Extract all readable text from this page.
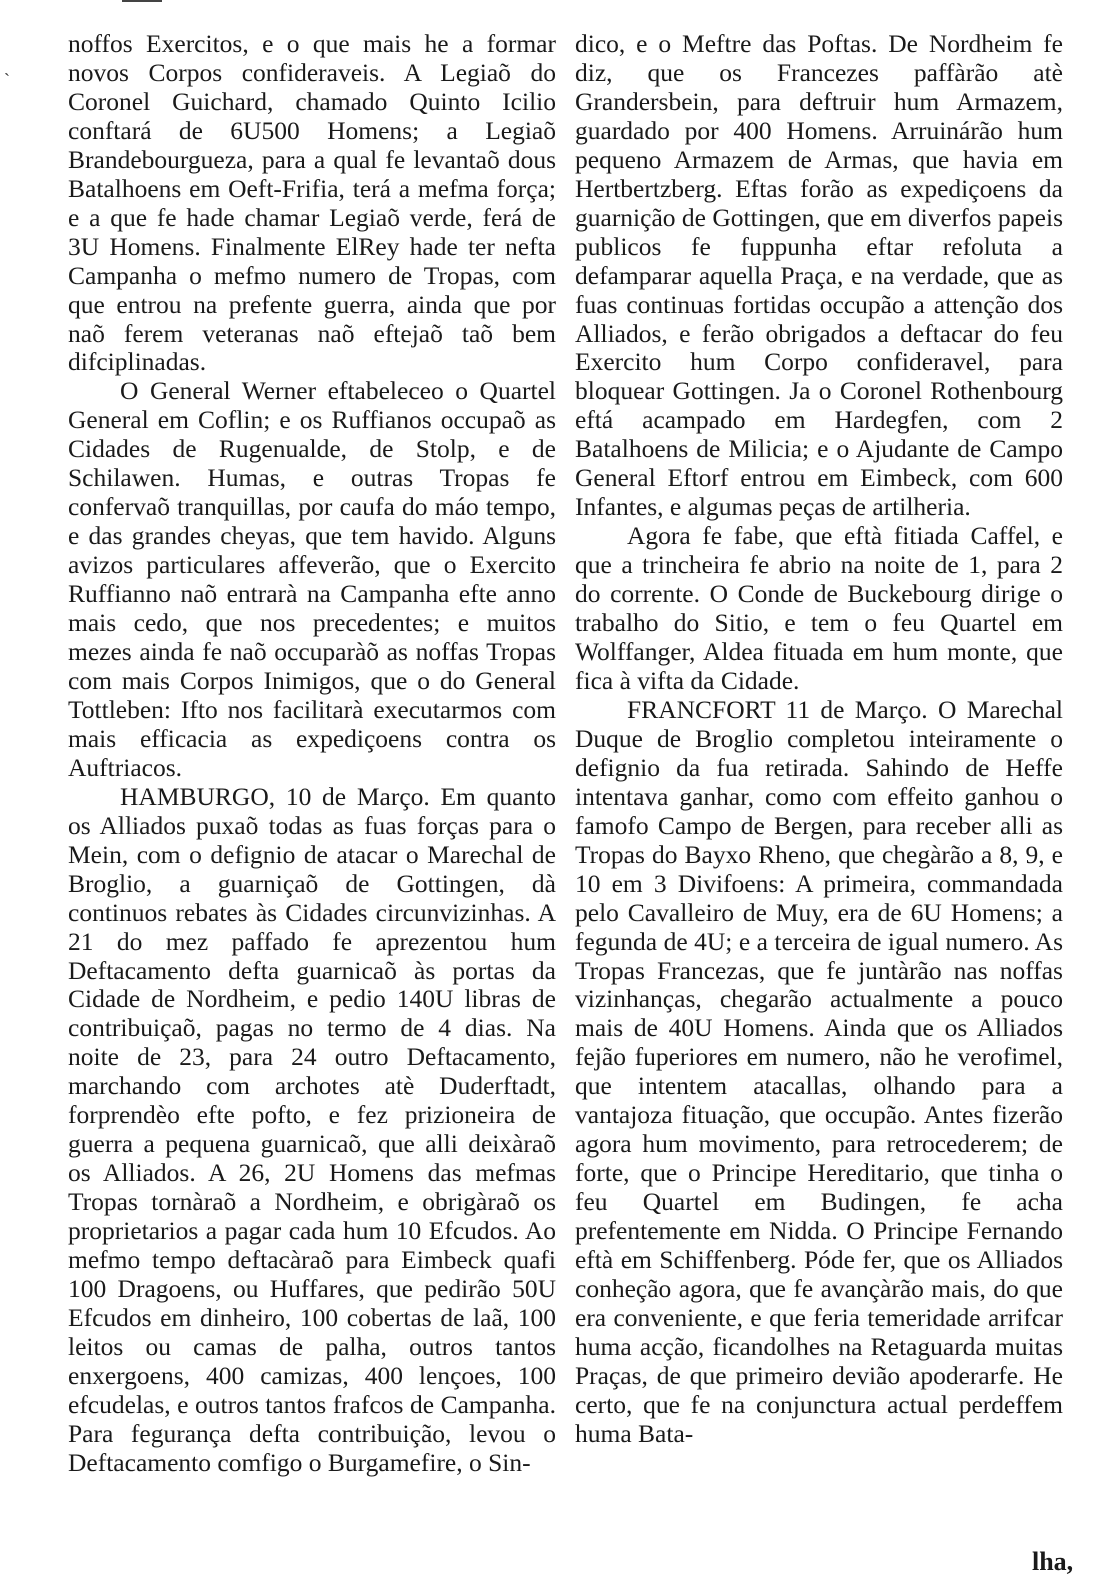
`

noffos Exercitos, e o que mais he a formar novos Corpos confideraveis. A Legiaõ do Coronel Guichard, chamado Quinto Icilio conftará de 6U500 Homens; a Legiaõ Brandebourgueza, para a qual fe levantaõ dous Batalhoens em Oeft-Frifia, terá a mefma força; e a que fe hade chamar Legiaõ verde, ferá de 3U Homens. Finalmente ElRey hade ter nefta Campanha o mefmo numero de Tropas, com que entrou na prefente guerra, ainda que por naõ ferem veteranas naõ eftejaõ taõ bem difciplinadas.

O General Werner eftabeleceo o Quartel General em Coflin; e os Ruffianos occupaõ as Cidades de Rugenualde, de Stolp, e de Schilawen. Humas, e outras Tropas fe confervaõ tranquillas, por caufa do máo tempo, e das grandes cheyas, que tem havido. Alguns avizos particulares affeverão, que o Exercito Ruffianno naõ entrarà na Campanha efte anno mais cedo, que nos precedentes; e muitos mezes ainda fe naõ occuparàõ as noffas Tropas com mais Corpos Inimigos, que o do General Tottleben: Ifto nos facilitarà executarmos com mais efficacia as expediçoens contra os Auftriacos.

HAMBURGO, 10 de Março. Em quanto os Alliados puxaõ todas as fuas forças para o Mein, com o defignio de atacar o Marechal de Broglio, a guarniçaõ de Gottingen, dà continuos rebates às Cidades circunvizinhas. A 21 do mez paffado fe aprezentou hum Deftacamento defta guarnicaõ às portas da Cidade de Nordheim, e pedio 140U libras de contribuiçaõ, pagas no termo de 4 dias. Na noite de 23, para 24 outro Deftacamento, marchando com archotes atè Duderftadt, forprendèo efte pofto, e fez prizioneira de guerra a pequena guarnicaõ, que alli deixàraõ os Alliados. A 26, 2U Homens das mefmas Tropas tornàraõ a Nordheim, e obrigàraõ os proprietarios a pagar cada hum 10 Efcudos. Ao mefmo tempo deftacàraõ para Eimbeck quafi 100 Dragoens, ou Huffares, que pedirão 50U Efcudos em dinheiro, 100 cobertas de laã, 100 leitos ou camas de palha, outros tantos enxergoens, 400 camizas, 400 lençoes, 100 efcudelas, e outros tantos frafcos de Campanha. Para fegurança defta contribuição, levou o Deftacamento comfigo o Burgamefire, o Sin-

dico, e o Meftre das Poftas. De Nordheim fe diz, que os Francezes paffàrão atè Grandersbein, para deftruir hum Armazem, guardado por 400 Homens. Arruinárão hum pequeno Armazem de Armas, que havia em Hertbertzberg. Eftas forão as expediçoens da guarnição de Gottingen, que em diverfos papeis publicos fe fuppunha eftar refoluta a defamparar aquella Praça, e na verdade, que as fuas continuas fortidas occupão a attenção dos Alliados, e ferão obrigados a deftacar do feu Exercito hum Corpo confideravel, para bloquear Gottingen. Ja o Coronel Rothenbourg eftá acampado em Hardegfen, com 2 Batalhoens de Milicia; e o Ajudante de Campo General Eftorf entrou em Eimbeck, com 600 Infantes, e algumas peças de artilheria.

Agora fe fabe, que eftà fitiada Caffel, e que a trincheira fe abrio na noite de 1, para 2 do corrente. O Conde de Buckebourg dirige o trabalho do Sitio, e tem o feu Quartel em Wolffanger, Aldea fituada em hum monte, que fica à vifta da Cidade.

FRANCFORT 11 de Março. O Marechal Duque de Broglio completou inteiramente o defignio da fua retirada. Sahindo de Heffe intentava ganhar, como com effeito ganhou o famofo Campo de Bergen, para receber alli as Tropas do Bayxo Rheno, que chegàrão a 8, 9, e 10 em 3 Divifoens: A primeira, commandada pelo Cavalleiro de Muy, era de 6U Homens; a fegunda de 4U; e a terceira de igual numero. As Tropas Francezas, que fe juntàrão nas noffas vizinhanças, chegarão actualmente a pouco mais de 40U Homens. Ainda que os Alliados fejão fuperiores em numero, não he verofimel, que intentem atacallas, olhando para a vantajoza fituação, que occupão. Antes fizerão agora hum movimento, para retrocederem; de forte, que o Principe Hereditario, que tinha o feu Quartel em Budingen, fe acha prefentemente em Nidda. O Principe Fernando eftà em Schiffenberg. Póde fer, que os Alliados conheção agora, que fe avançàrão mais, do que era conveniente, e que feria temeridade arrifcar huma acção, ficandolhes na Retaguarda muitas Praças, de que primeiro devião apoderarfe. He certo, que fe na conjunctura actual perdeffem huma Bata-

lha,
